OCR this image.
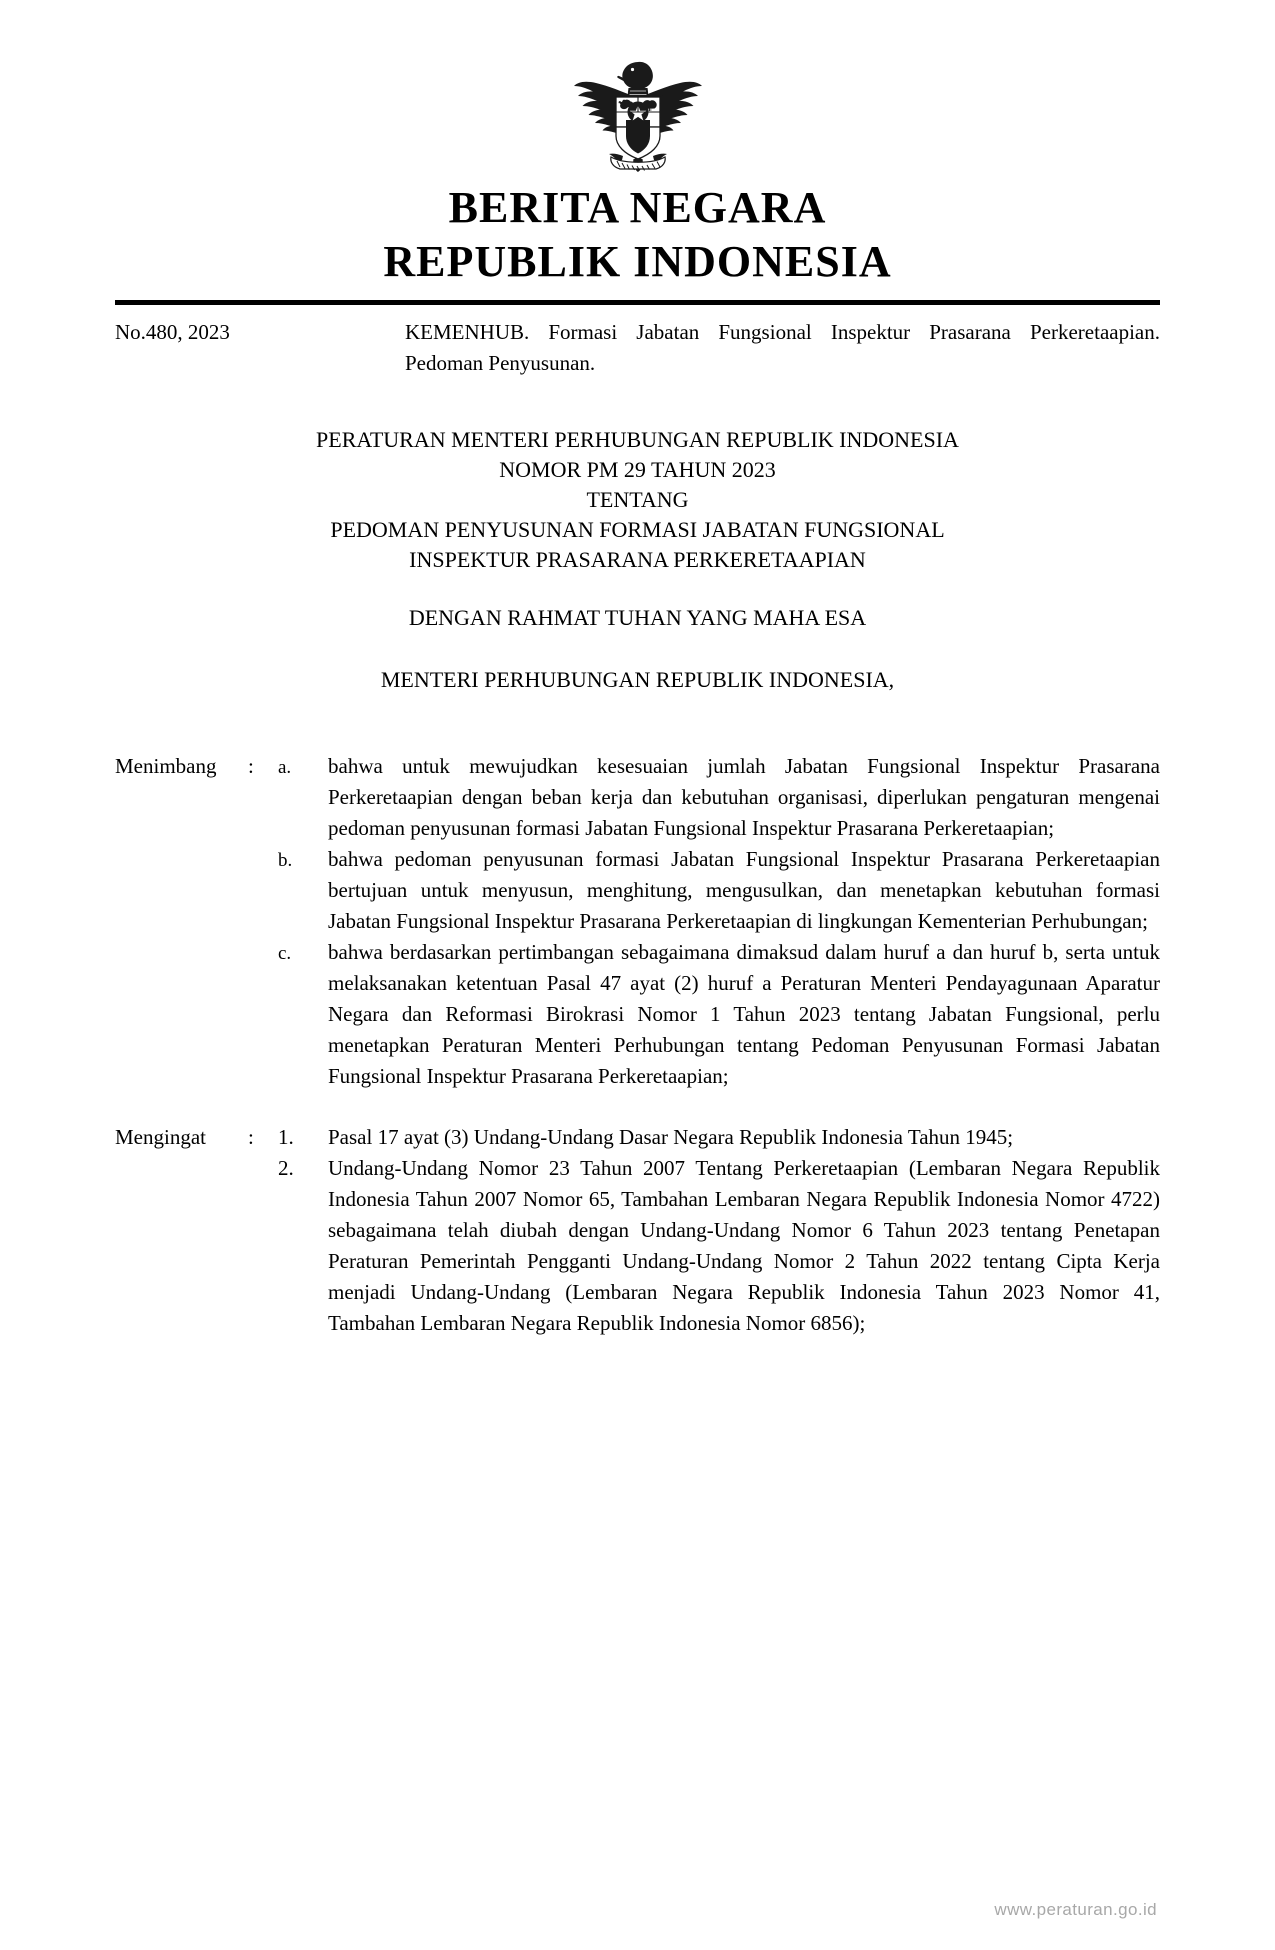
BERITA NEGARA
REPUBLIK INDONESIA
No.480, 2023	KEMENHUB. Formasi Jabatan Fungsional Inspektur Prasarana Perkeretaapian. Pedoman Penyusunan.
PERATURAN MENTERI PERHUBUNGAN REPUBLIK INDONESIA
NOMOR PM 29 TAHUN 2023
TENTANG
PEDOMAN PENYUSUNAN FORMASI JABATAN FUNGSIONAL
INSPEKTUR PRASARANA PERKERETAAPIAN
DENGAN RAHMAT TUHAN YANG MAHA ESA
MENTERI PERHUBUNGAN REPUBLIK INDONESIA,
Menimbang	:	a.	bahwa untuk mewujudkan kesesuaian jumlah Jabatan Fungsional Inspektur Prasarana Perkeretaapian dengan beban kerja dan kebutuhan organisasi, diperlukan pengaturan mengenai pedoman penyusunan formasi Jabatan Fungsional Inspektur Prasarana Perkeretaapian;
b.	bahwa pedoman penyusunan formasi Jabatan Fungsional Inspektur Prasarana Perkeretaapian bertujuan untuk menyusun, menghitung, mengusulkan, dan menetapkan kebutuhan formasi Jabatan Fungsional Inspektur Prasarana Perkeretaapian di lingkungan Kementerian Perhubungan;
c.	bahwa berdasarkan pertimbangan sebagaimana dimaksud dalam huruf a dan huruf b, serta untuk melaksanakan ketentuan Pasal 47 ayat (2) huruf a Peraturan Menteri Pendayagunaan Aparatur Negara dan Reformasi Birokrasi Nomor 1 Tahun 2023 tentang Jabatan Fungsional, perlu menetapkan Peraturan Menteri Perhubungan tentang Pedoman Penyusunan Formasi Jabatan Fungsional Inspektur Prasarana Perkeretaapian;
Mengingat	:	1.	Pasal 17 ayat (3) Undang-Undang Dasar Negara Republik Indonesia Tahun 1945;
2.	Undang-Undang Nomor 23 Tahun 2007 Tentang Perkeretaapian (Lembaran Negara Republik Indonesia Tahun 2007 Nomor 65, Tambahan Lembaran Negara Republik Indonesia Nomor 4722) sebagaimana telah diubah dengan Undang-Undang Nomor 6 Tahun 2023 tentang Penetapan Peraturan Pemerintah Pengganti Undang-Undang Nomor 2 Tahun 2022 tentang Cipta Kerja menjadi Undang-Undang (Lembaran Negara Republik Indonesia Tahun 2023 Nomor 41, Tambahan Lembaran Negara Republik Indonesia Nomor 6856);
www.peraturan.go.id
